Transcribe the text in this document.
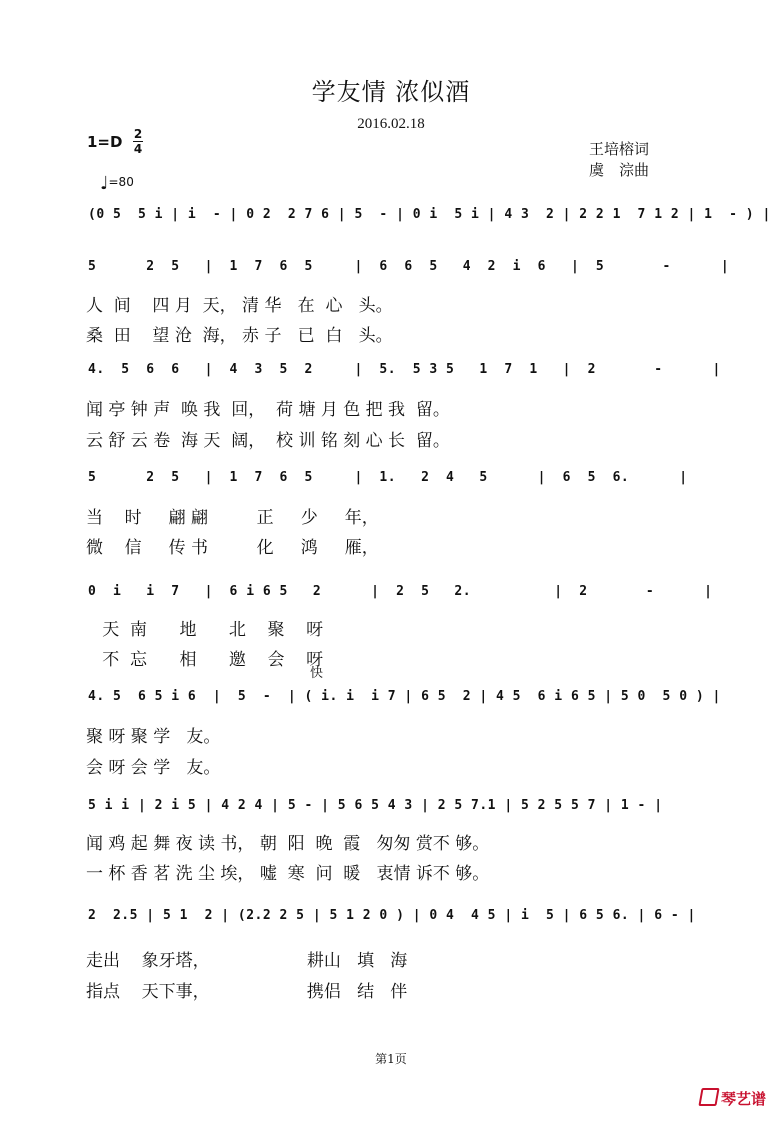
学友情 浓似酒
2016.02.18
1=D 2
4
♩=80
王培榕词
虞　淙曲
(0 5  5 i | i  - | 0 2  2 7 6 | 5  - | 0 i  5 i | 4 3  2 | 2 2 1  7 1 2 | 1  - ) |
5      2  5   |  1  7  6  5     |  6  6  5   4  2  i  6   |  5       -      |
人  间    四 月  天， 清 华   在  心   头。
桑  田    望 沧  海， 赤 子   已  白   头。
4.  5  6  6   |  4  3  5  2     |  5.  5 3 5   1  7  1   |  2       -      |
闻 亭 钟 声  唤 我  回，  荷 塘 月 色 把 我  留。
云 舒 云 卷  海 天  阔，  校 训 铭 刻 心 长  留。
5      2  5   |  1  7  6  5     |  1.   2  4   5      |  6  5  6.      |
当    时     翩 翩         正     少     年，
微    信     传 书         化     鸿     雁，
0  i   i  7   |  6 i 6 5   2      |  2  5   2.          |  2       -      |
天  南      地      北    聚    呀
不  忘      相      邀    会    呀
快
4. 5  6 5 i 6  |  5  -  | ( i. i  i 7 | 6 5  2 | 4 5  6 i 6 5 | 5 0  5 0 ) |
聚 呀 聚 学   友。
会 呀 会 学   友。
5 i i | 2 i 5 | 4 2 4 | 5 - | 5 6 5 4 3 | 2 5 7.1 | 5 2 5 5 7 | 1 - |
闻 鸡 起 舞 夜 读 书， 朝  阳  晚  霞   匆匆 赏不 够。
一 杯 香 茗 洗 尘 埃， 嘘  寒  问  暖   衷情 诉不 够。
2  2.5 | 5 1  2 | (2.2 2 5 | 5 1 2 0 ) | 0 4  4 5 | i  5 | 6 5 6. | 6 - |
走出    象牙塔，                  耕山   填   海
指点    天下事，                  携侣   结   伴
第1页
琴艺谱
